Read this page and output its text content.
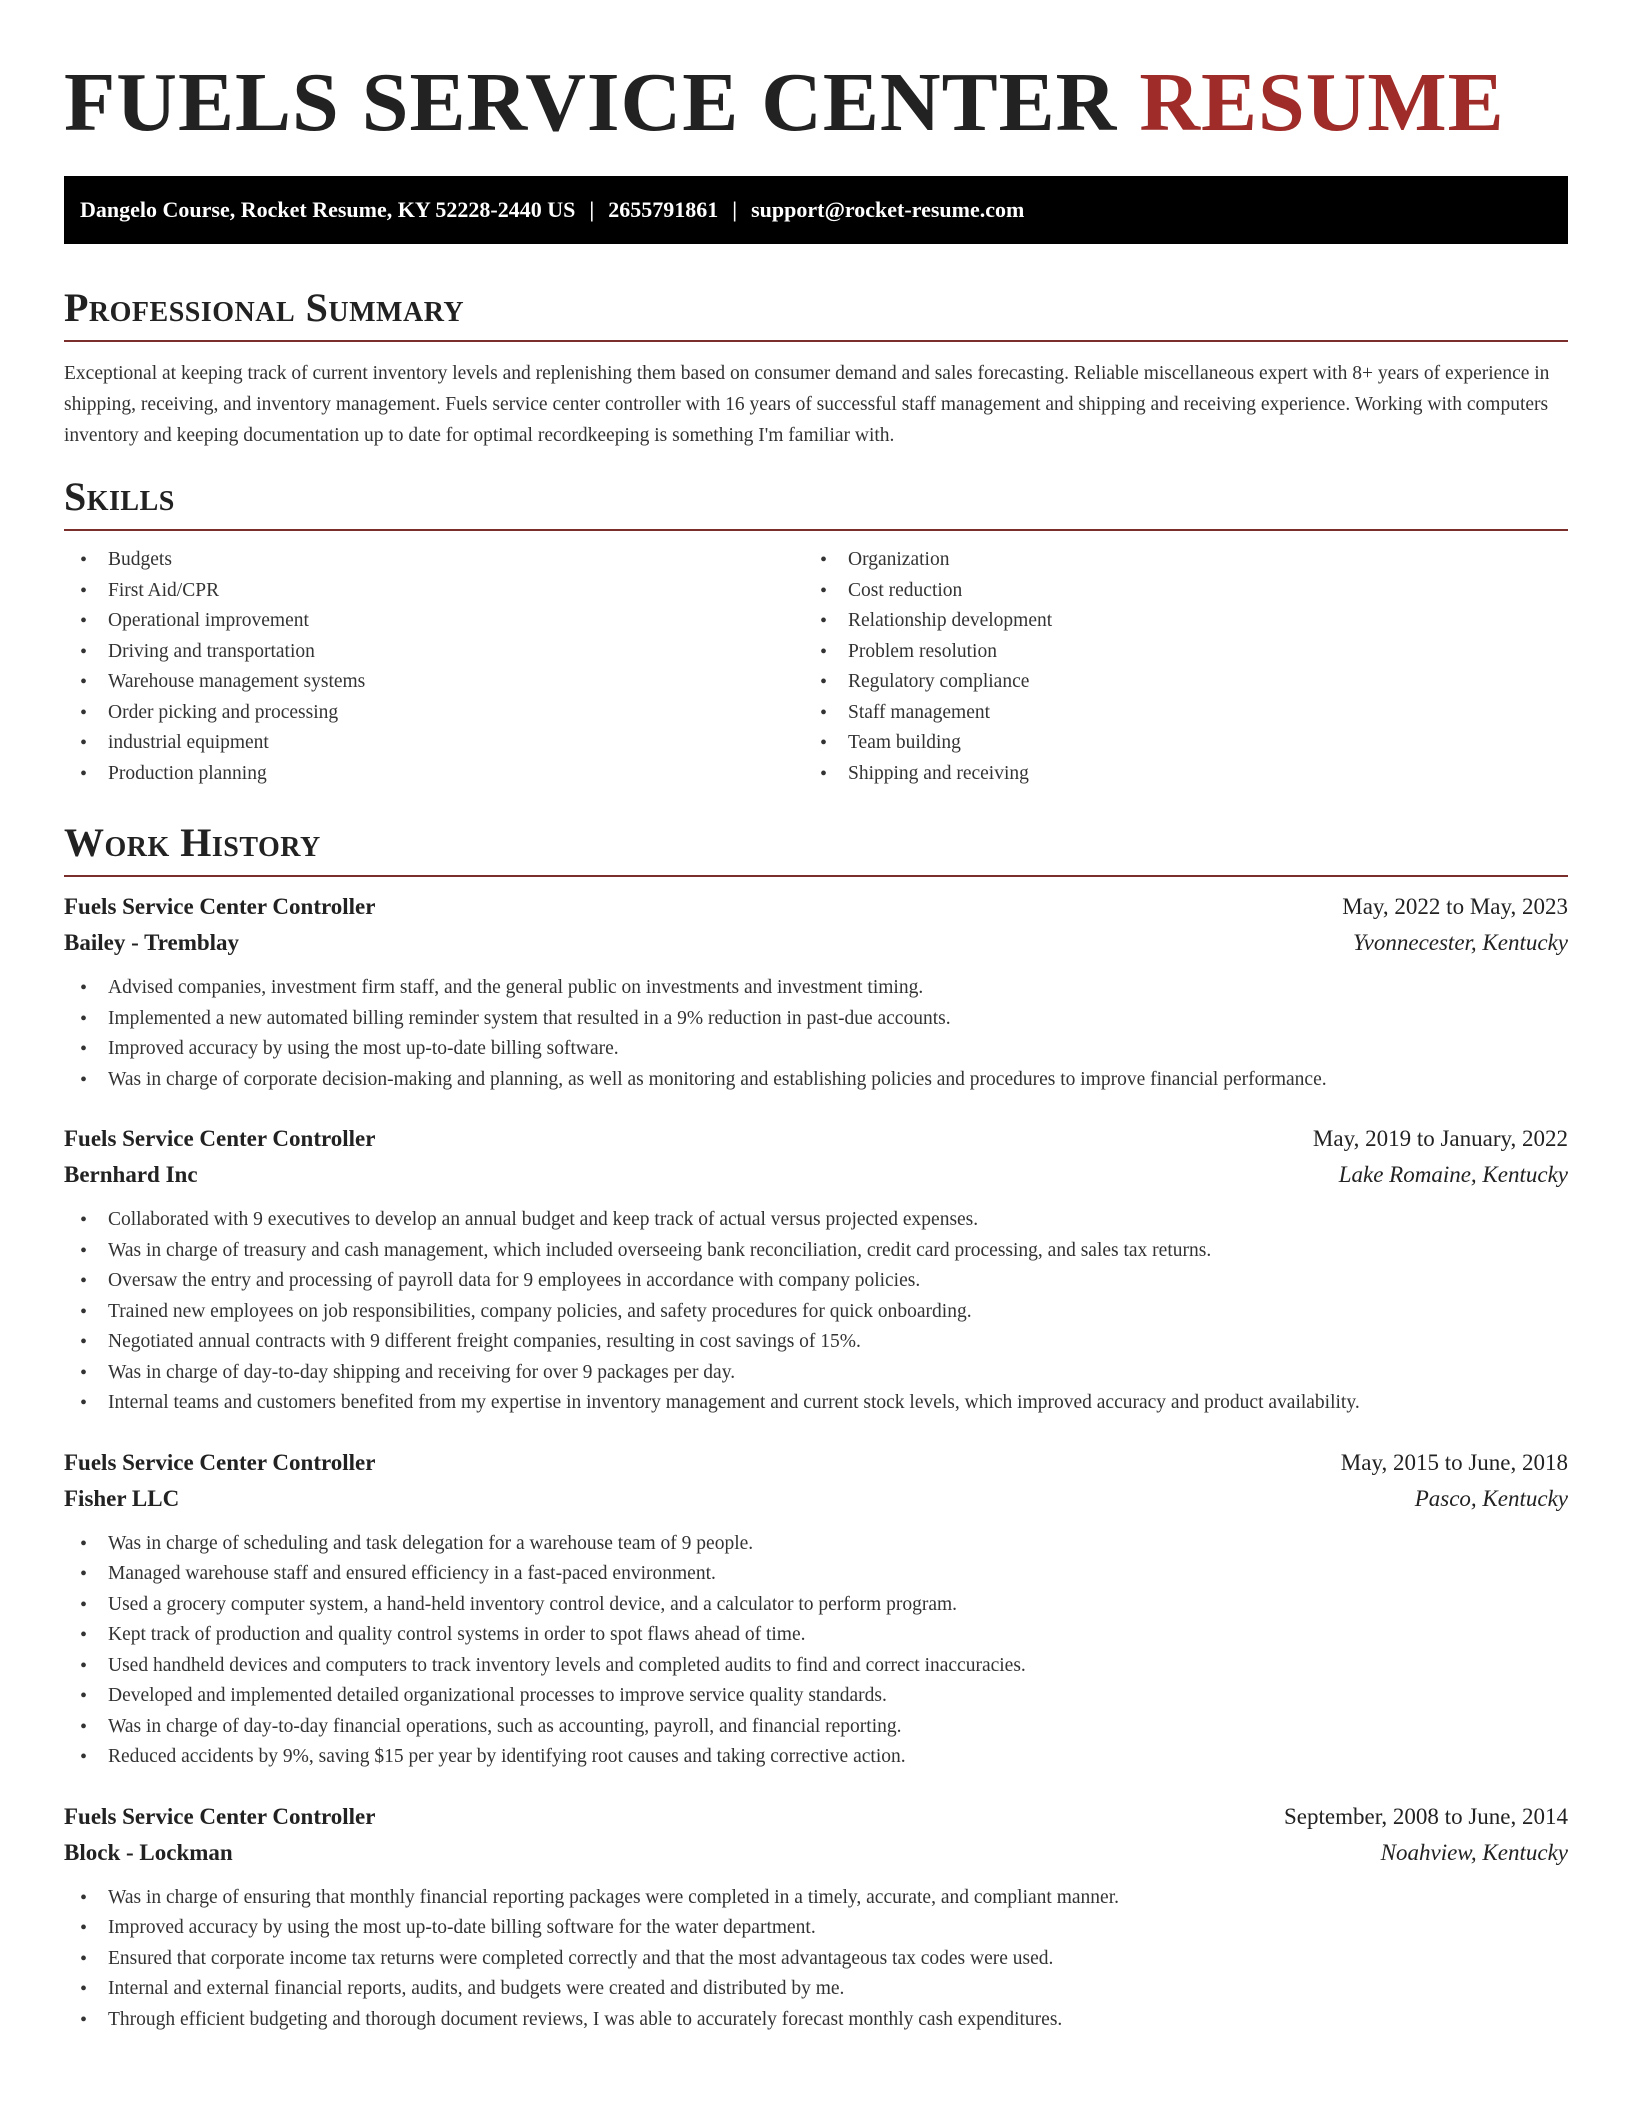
FUELS SERVICE CENTER RESUME
Dangelo Course, Rocket Resume, KY 52228-2440 US | 2655791861 | support@rocket-resume.com
Professional Summary

Exceptional at keeping track of current inventory levels and replenishing them based on consumer demand and sales forecasting. Reliable miscellaneous expert with 8+ years of experience in shipping, receiving, and inventory management. Fuels service center controller with 16 years of successful staff management and shipping and receiving experience. Working with computers inventory and keeping documentation up to date for optimal recordkeeping is something I'm familiar with.

Skills
• Budgets
• First Aid/CPR
• Operational improvement
• Driving and transportation
• Warehouse management systems
• Order picking and processing
• industrial equipment
• Production planning
• Organization
• Cost reduction
• Relationship development
• Problem resolution
• Regulatory compliance
• Staff management
• Team building
• Shipping and receiving
Work History
Fuels Service Center Controller	May, 2022 to May, 2023
Bailey - Tremblay	Yvonnecester, Kentucky
• Advised companies, investment firm staff, and the general public on investments and investment timing.
• Implemented a new automated billing reminder system that resulted in a 9% reduction in past-due accounts.
• Improved accuracy by using the most up-to-date billing software.
• Was in charge of corporate decision-making and planning, as well as monitoring and establishing policies and procedures to improve financial performance.
Fuels Service Center Controller	May, 2019 to January, 2022
Bernhard Inc	Lake Romaine, Kentucky
• Collaborated with 9 executives to develop an annual budget and keep track of actual versus projected expenses.
• Was in charge of treasury and cash management, which included overseeing bank reconciliation, credit card processing, and sales tax returns.
• Oversaw the entry and processing of payroll data for 9 employees in accordance with company policies.
• Trained new employees on job responsibilities, company policies, and safety procedures for quick onboarding.
• Negotiated annual contracts with 9 different freight companies, resulting in cost savings of 15%.
• Was in charge of day-to-day shipping and receiving for over 9 packages per day.
• Internal teams and customers benefited from my expertise in inventory management and current stock levels, which improved accuracy and product availability.
Fuels Service Center Controller	May, 2015 to June, 2018
Fisher LLC	Pasco, Kentucky
• Was in charge of scheduling and task delegation for a warehouse team of 9 people.
• Managed warehouse staff and ensured efficiency in a fast-paced environment.
• Used a grocery computer system, a hand-held inventory control device, and a calculator to perform program.
• Kept track of production and quality control systems in order to spot flaws ahead of time.
• Used handheld devices and computers to track inventory levels and completed audits to find and correct inaccuracies.
• Developed and implemented detailed organizational processes to improve service quality standards.
• Was in charge of day-to-day financial operations, such as accounting, payroll, and financial reporting.
• Reduced accidents by 9%, saving $15 per year by identifying root causes and taking corrective action.
Fuels Service Center Controller	September, 2008 to June, 2014
Block - Lockman	Noahview, Kentucky
• Was in charge of ensuring that monthly financial reporting packages were completed in a timely, accurate, and compliant manner.
• Improved accuracy by using the most up-to-date billing software for the water department.
• Ensured that corporate income tax returns were completed correctly and that the most advantageous tax codes were used.
• Internal and external financial reports, audits, and budgets were created and distributed by me.
• Through efficient budgeting and thorough document reviews, I was able to accurately forecast monthly cash expenditures.
